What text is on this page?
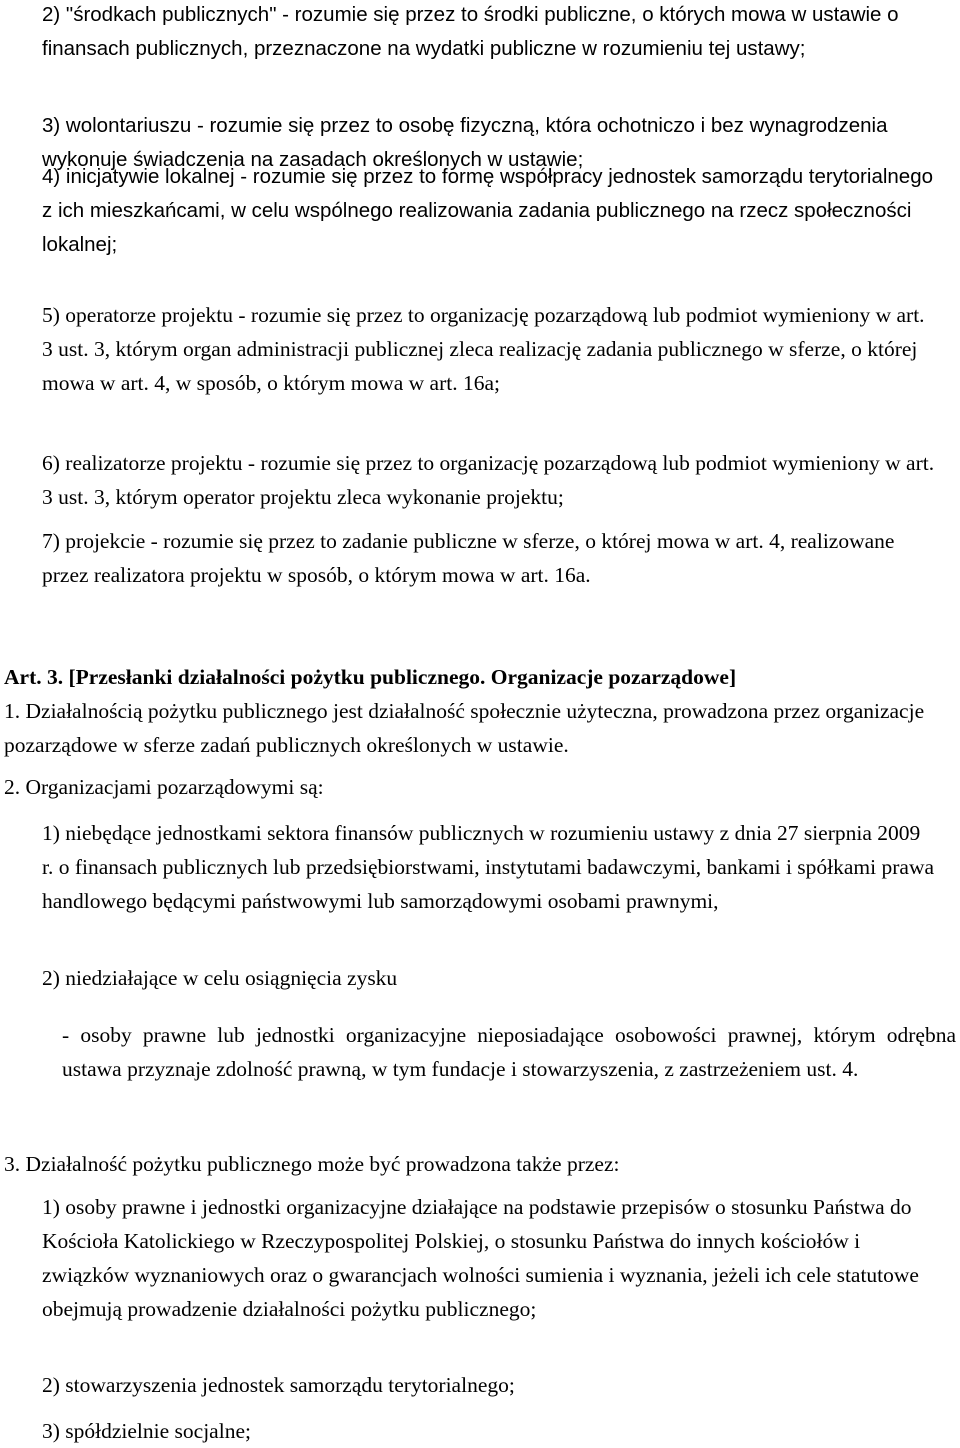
2) "środkach publicznych" - rozumie się przez to środki publiczne, o których mowa w ustawie o finansach publicznych, przeznaczone na wydatki publiczne w rozumieniu tej ustawy;

3) wolontariuszu - rozumie się przez to osobę fizyczną, która ochotniczo i bez wynagrodzenia wykonuje świadczenia na zasadach określonych w ustawie;

4) inicjatywie lokalnej - rozumie się przez to formę współpracy jednostek samorządu terytorialnego z ich mieszkańcami, w celu wspólnego realizowania zadania publicznego na rzecz społeczności lokalnej;

5) operatorze projektu - rozumie się przez to organizację pozarządową lub podmiot wymieniony w art. 3 ust. 3, którym organ administracji publicznej zleca realizację zadania publicznego w sferze, o której mowa w art. 4, w sposób, o którym mowa w art. 16a;

6) realizatorze projektu - rozumie się przez to organizację pozarządową lub podmiot wymieniony w art. 3 ust. 3, którym operator projektu zleca wykonanie projektu;

7) projekcie - rozumie się przez to zadanie publiczne w sferze, o której mowa w art. 4, realizowane przez realizatora projektu w sposób, o którym mowa w art. 16a.

Art. 3. [Przesłanki działalności pożytku publicznego. Organizacje pozarządowe]

1. Działalnością pożytku publicznego jest działalność społecznie użyteczna, prowadzona przez organizacje pozarządowe w sferze zadań publicznych określonych w ustawie.

2. Organizacjami pozarządowymi są:

1) niebędące jednostkami sektora finansów publicznych w rozumieniu ustawy z dnia 27 sierpnia 2009 r. o finansach publicznych lub przedsiębiorstwami, instytutami badawczymi, bankami i spółkami prawa handlowego będącymi państwowymi lub samorządowymi osobami prawnymi,

2) niedziałające w celu osiągnięcia zysku

- osoby prawne lub jednostki organizacyjne nieposiadające osobowości prawnej, którym odrębna ustawa przyznaje zdolność prawną, w tym fundacje i stowarzyszenia, z zastrzeżeniem ust. 4.

3. Działalność pożytku publicznego może być prowadzona także przez:

1) osoby prawne i jednostki organizacyjne działające na podstawie przepisów o stosunku Państwa do Kościoła Katolickiego w Rzeczypospolitej Polskiej, o stosunku Państwa do innych kościołów i związków wyznaniowych oraz o gwarancjach wolności sumienia i wyznania, jeżeli ich cele statutowe obejmują prowadzenie działalności pożytku publicznego;

2) stowarzyszenia jednostek samorządu terytorialnego;

3) spółdzielnie socjalne;
